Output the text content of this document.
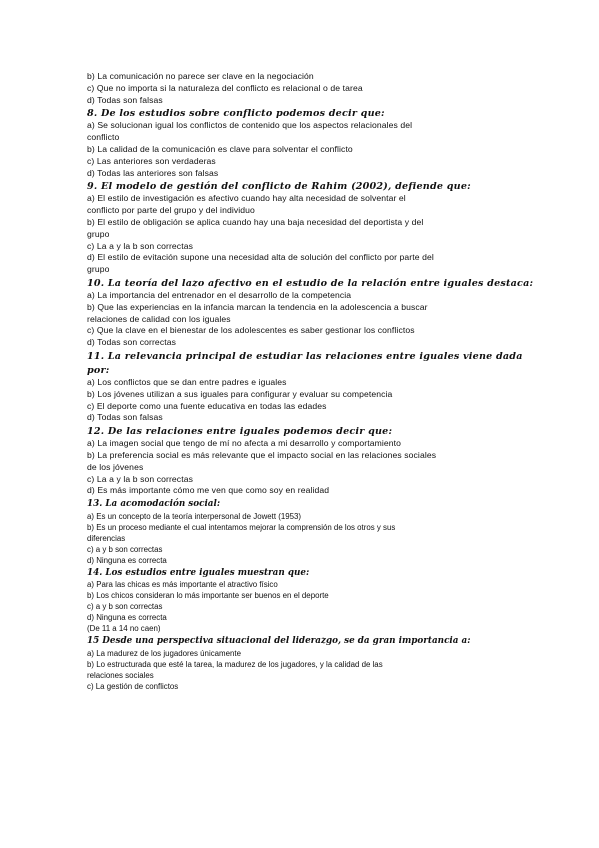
b) La comunicación no parece ser clave en la negociación
c) Que no importa si la naturaleza del conflicto es relacional o de tarea
d) Todas son falsas
8. De los estudios sobre conflicto podemos decir que:
a) Se solucionan igual los conflictos de contenido que los aspectos relacionales del
conflicto
b) La calidad de la comunicación es clave para solventar el conflicto
c) Las anteriores son verdaderas
d) Todas las anteriores son falsas
9. El modelo de gestión del conflicto de Rahim (2002), defiende que:
a) El estilo de investigación es afectivo cuando hay alta necesidad de solventar el
conflicto por parte del grupo y del individuo
b) El estilo de obligación se aplica cuando hay una baja necesidad del deportista y del
grupo
c) La a y la b son correctas
d) El estilo de evitación supone una necesidad alta de solución del conflicto por parte del
grupo
10. La teoría del lazo afectivo en el estudio de la relación entre iguales destaca:
a) La importancia del entrenador en el desarrollo de la competencia
b) Que las experiencias en la infancia marcan la tendencia en la adolescencia a buscar
relaciones de calidad con los iguales
c) Que la clave en el bienestar de los adolescentes es saber gestionar los conflictos
d) Todas son correctas
11. La relevancia principal de estudiar las relaciones entre iguales viene dada
por:
a) Los conflictos que se dan entre padres e iguales
b) Los jóvenes utilizan a sus iguales para configurar y evaluar su competencia
c) El deporte como una fuente educativa en todas las edades
d) Todas son falsas
12. De las relaciones entre iguales podemos decir que:
a) La imagen social que tengo de mí no afecta a mi desarrollo y comportamiento
b) La preferencia social es más relevante que el impacto social en las relaciones sociales
de los jóvenes
c) La a y la b son correctas
d) Es más importante cómo me ven que como soy en realidad
13. La acomodación social:
a) Es un concepto de la teoría interpersonal de Jowett (1953)
b) Es un proceso mediante el cual intentamos mejorar la comprensión de los otros y sus
diferencias
c) a y b son correctas
d) Ninguna es correcta
14. Los estudios entre iguales muestran que:
a) Para las chicas es más importante el atractivo físico
b) Los chicos consideran lo más importante ser buenos en el deporte
c) a y b son correctas
d) Ninguna es correcta
(De 11 a 14 no caen)
15 Desde una perspectiva situacional del liderazgo, se da gran importancia a:
a) La madurez de los jugadores únicamente
b) Lo estructurada que esté la tarea, la madurez de los jugadores, y la calidad de las
relaciones sociales
c) La gestión de conflictos
